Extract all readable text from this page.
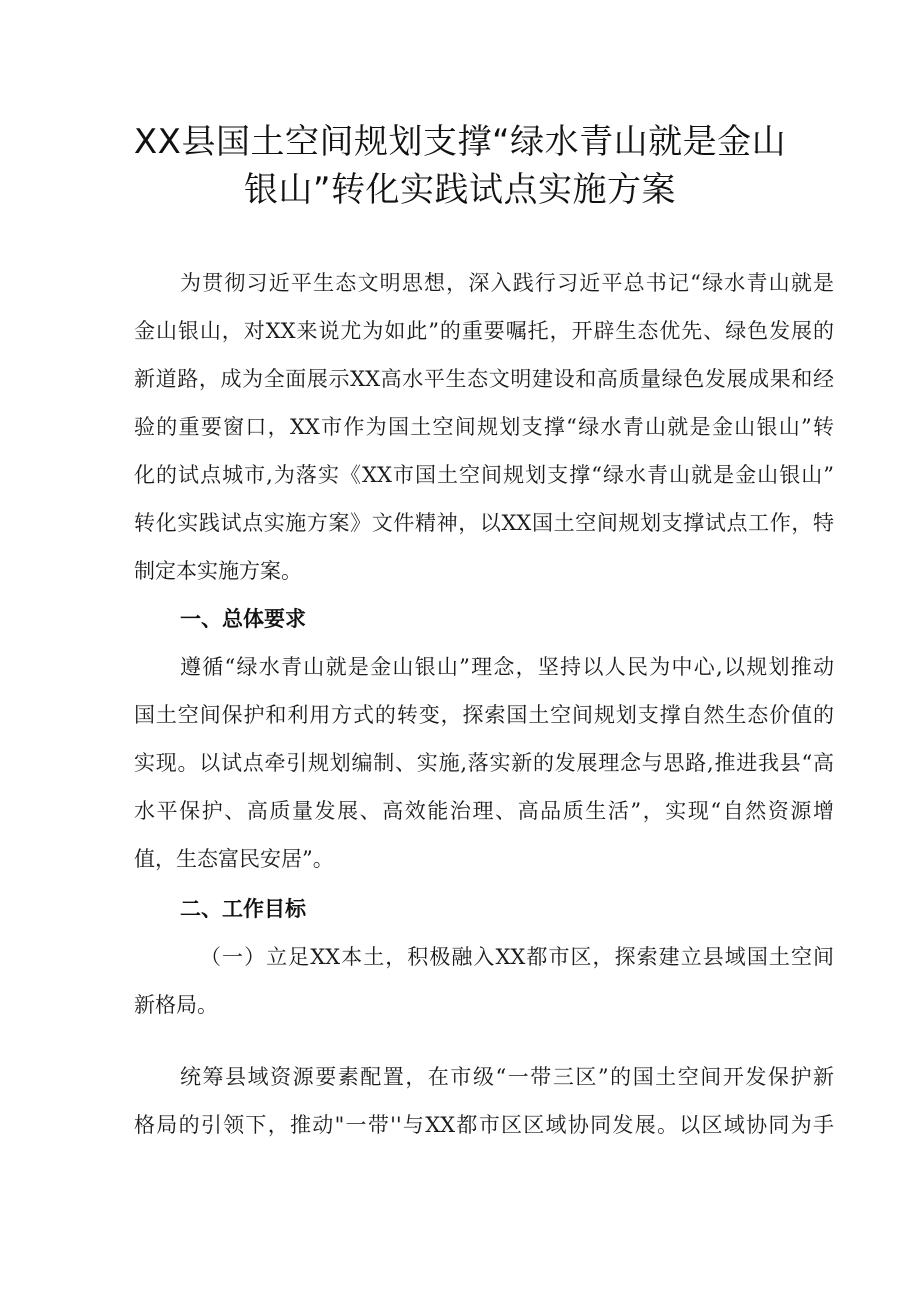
XX县国土空间规划支撑“绿水青山就是金山
银山”转化实践试点实施方案
为贯彻习近平生态文明思想，深入践行习近平总书记“绿水青山就是
金山银山，对XX来说尤为如此”的重要嘱托，开辟生态优先、绿色发展的
新道路，成为全面展示XX高水平生态文明建设和高质量绿色发展成果和经
验的重要窗口，XX市作为国土空间规划支撑“绿水青山就是金山银山”转
化的试点城市,为落实《XX市国土空间规划支撑“绿水青山就是金山银山”
转化实践试点实施方案》文件精神，以XX国土空间规划支撑试点工作，特
制定本实施方案。
一、总体要求
遵循“绿水青山就是金山银山”理念，坚持以人民为中心,以规划推动
国土空间保护和利用方式的转变，探索国土空间规划支撑自然生态价值的
实现。以试点牵引规划编制、实施,落实新的发展理念与思路,推进我县“高
水平保护、高质量发展、高效能治理、高品质生活”，实现“自然资源增
值，生态富民安居”。
二、工作目标
（一）立足XX本土，积极融入XX都市区，探索建立县域国土空间
新格局。
统筹县域资源要素配置，在市级“一带三区”的国土空间开发保护新
格局的引领下，推动"一带''与XX都市区区域协同发展。以区域协同为手
